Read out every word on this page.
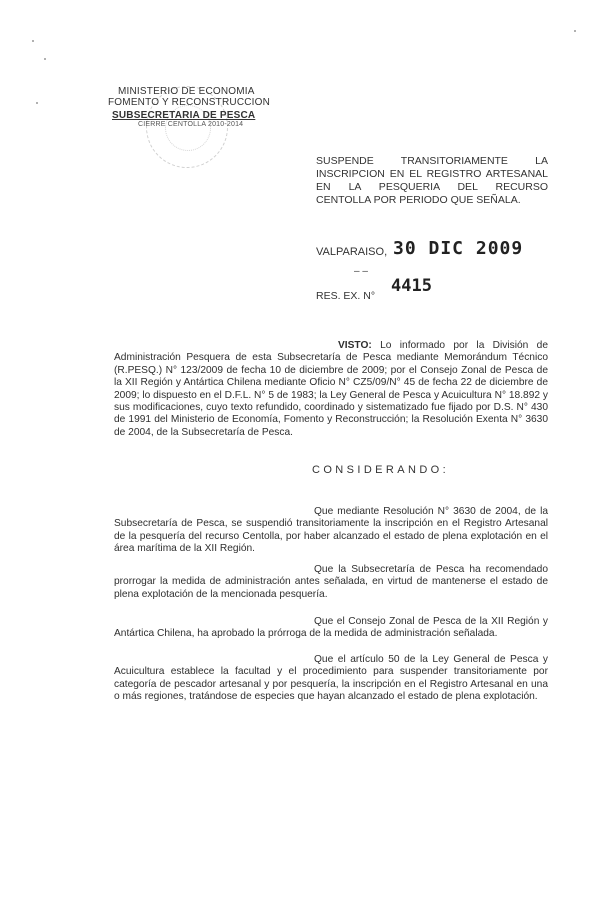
MINISTERIO DE ECONOMIA
FOMENTO Y RECONSTRUCCION
SUBSECRETARIA DE PESCA
CIERRE CENTOLLA 2010-2014
SUSPENDE TRANSITORIAMENTE LA
INSCRIPCION EN EL REGISTRO ARTESANAL
EN LA PESQUERIA DEL RECURSO
CENTOLLA POR PERIODO QUE SEÑALA.
VALPARAISO, 30 DIC 2009
– –
RES. EX. N° 4415
VISTO: Lo informado por la División de Administración Pesquera de esta Subsecretaría de Pesca mediante Memorándum Técnico (R.PESQ.) N° 123/2009 de fecha 10 de diciembre de 2009; por el Consejo Zonal de Pesca de la XII Región y Antártica Chilena mediante Oficio N° CZ5/09/N° 45 de fecha 22 de diciembre de 2009; lo dispuesto en el D.F.L. N° 5 de 1983; la Ley General de Pesca y Acuicultura N° 18.892 y sus modificaciones, cuyo texto refundido, coordinado y sistematizado fue fijado por D.S. N° 430 de 1991 del Ministerio de Economía, Fomento y Reconstrucción; la Resolución Exenta N° 3630 de 2004, de la Subsecretaría de Pesca.
CONSIDERANDO:
Que mediante Resolución N° 3630 de 2004, de la Subsecretaría de Pesca, se suspendió transitoriamente la inscripción en el Registro Artesanal de la pesquería del recurso Centolla, por haber alcanzado el estado de plena explotación en el área marítima de la XII Región.
Que la Subsecretaría de Pesca ha recomendado prorrogar la medida de administración antes señalada, en virtud de mantenerse el estado de plena explotación de la mencionada pesquería.
Que el Consejo Zonal de Pesca de la XII Región y Antártica Chilena, ha aprobado la prórroga de la medida de administración señalada.
Que el artículo 50 de la Ley General de Pesca y Acuicultura establece la facultad y el procedimiento para suspender transitoriamente por categoría de pescador artesanal y por pesquería, la inscripción en el Registro Artesanal en una o más regiones, tratándose de especies que hayan alcanzado el estado de plena explotación.
